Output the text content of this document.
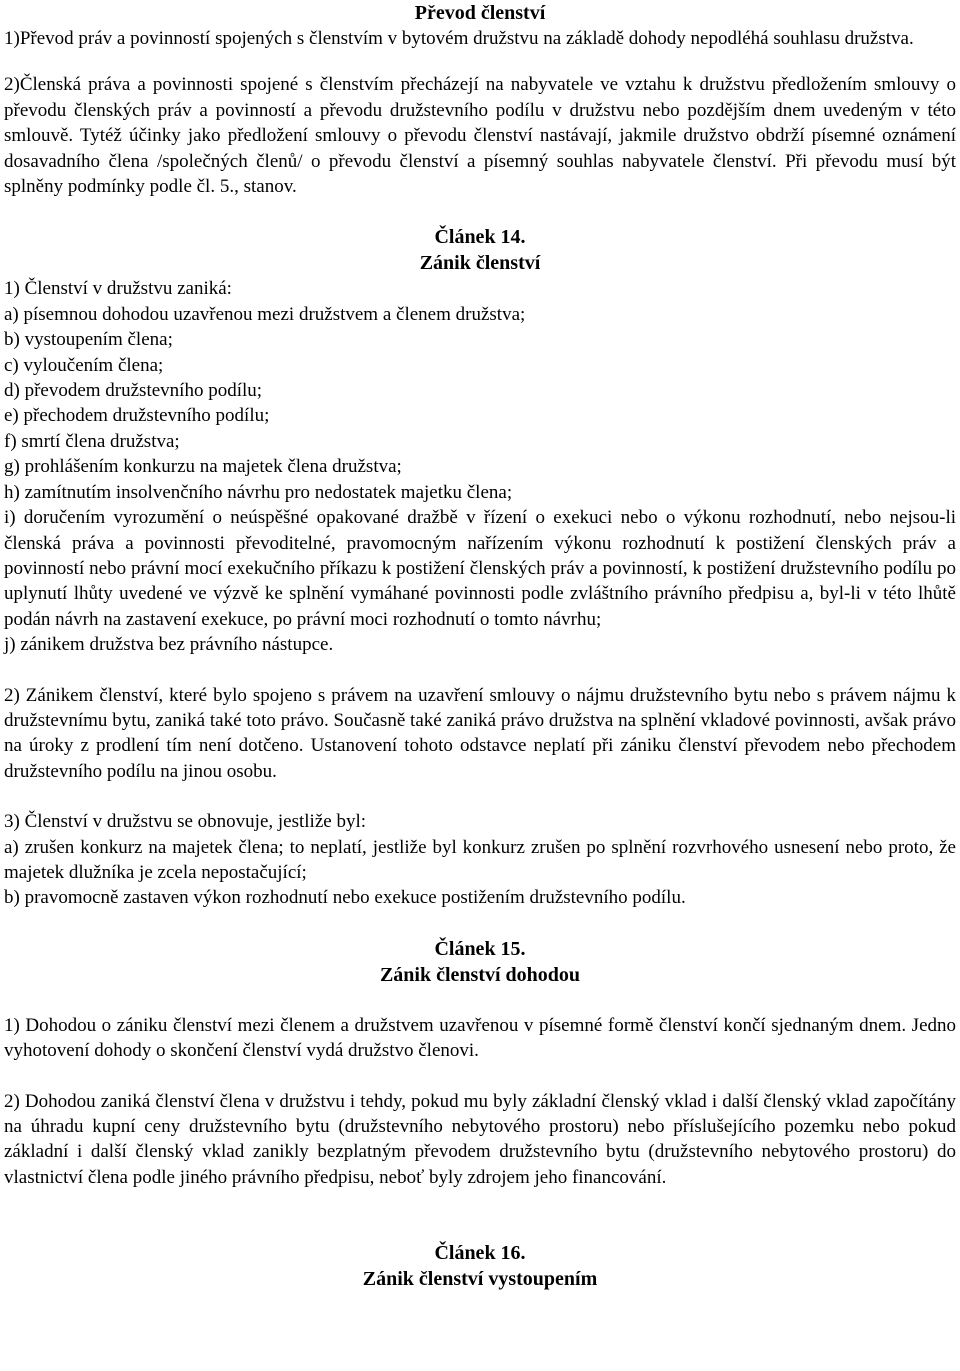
Převod členství

1)Převod práv a povinností spojených s členstvím v bytovém družstvu na základě dohody nepodléhá souhlasu družstva.

2)Členská práva a povinnosti spojené s členstvím přecházejí na nabyvatele ve vztahu k družstvu předložením smlouvy o převodu členských práv a povinností a převodu družstevního podílu v družstvu nebo pozdějším dnem uvedeným v této smlouvě. Tytéž účinky jako předložení smlouvy o převodu členství nastávají, jakmile družstvo obdrží písemné oznámení dosavadního člena /společných členů/ o převodu členství a písemný souhlas nabyvatele členství. Při převodu musí být splněny podmínky podle čl. 5., stanov.

Článek 14.
Zánik členství

1) Členství v družstvu zaniká:

a) písemnou dohodou uzavřenou mezi družstvem a členem družstva;

b) vystoupením člena;

c) vyloučením člena;

d) převodem družstevního podílu;

e) přechodem družstevního podílu;

f) smrtí člena družstva;

g) prohlášením konkurzu na majetek člena družstva;

h) zamítnutím insolvenčního návrhu pro nedostatek majetku člena;

i) doručením vyrozumění o neúspěšné opakované dražbě v řízení o exekuci nebo o výkonu rozhodnutí, nebo nejsou-li členská práva a povinnosti převoditelné, pravomocným nařízením výkonu rozhodnutí k postižení členských práv a povinností nebo právní mocí exekučního příkazu k postižení členských práv a povinností, k postižení družstevního podílu po uplynutí lhůty uvedené ve výzvě ke splnění vymáhané povinnosti podle zvláštního právního předpisu a, byl-li v této lhůtě podán návrh na zastavení exekuce, po právní moci rozhodnutí o tomto návrhu;

j) zánikem družstva bez právního nástupce.

2) Zánikem členství, které bylo spojeno s právem na uzavření smlouvy o nájmu družstevního bytu nebo s právem nájmu k družstevnímu bytu, zaniká také toto právo. Současně také zaniká právo družstva na splnění vkladové povinnosti, avšak právo na úroky z prodlení tím není dotčeno. Ustanovení tohoto odstavce neplatí při zániku členství převodem nebo přechodem družstevního podílu na jinou osobu.

3) Členství v družstvu se obnovuje, jestliže byl:

a) zrušen konkurz na majetek člena; to neplatí, jestliže byl konkurz zrušen po splnění rozvrhového usnesení nebo proto, že majetek dlužníka je zcela nepostačující;

b) pravomocně zastaven výkon rozhodnutí nebo exekuce postižením družstevního podílu.

Článek 15.
Zánik členství dohodou

1) Dohodou o zániku členství mezi členem a družstvem uzavřenou v písemné formě členství končí sjednaným dnem. Jedno vyhotovení dohody o skončení členství vydá družstvo členovi.

2) Dohodou zaniká členství člena v družstvu i tehdy, pokud mu byly základní členský vklad i další členský vklad započítány na úhradu kupní ceny družstevního bytu (družstevního nebytového prostoru) nebo příslušejícího pozemku nebo pokud základní i další členský vklad zanikly bezplatným převodem družstevního bytu (družstevního nebytového prostoru) do vlastnictví člena podle jiného právního předpisu, neboť byly zdrojem jeho financování.

Článek 16.
Zánik členství vystoupením
